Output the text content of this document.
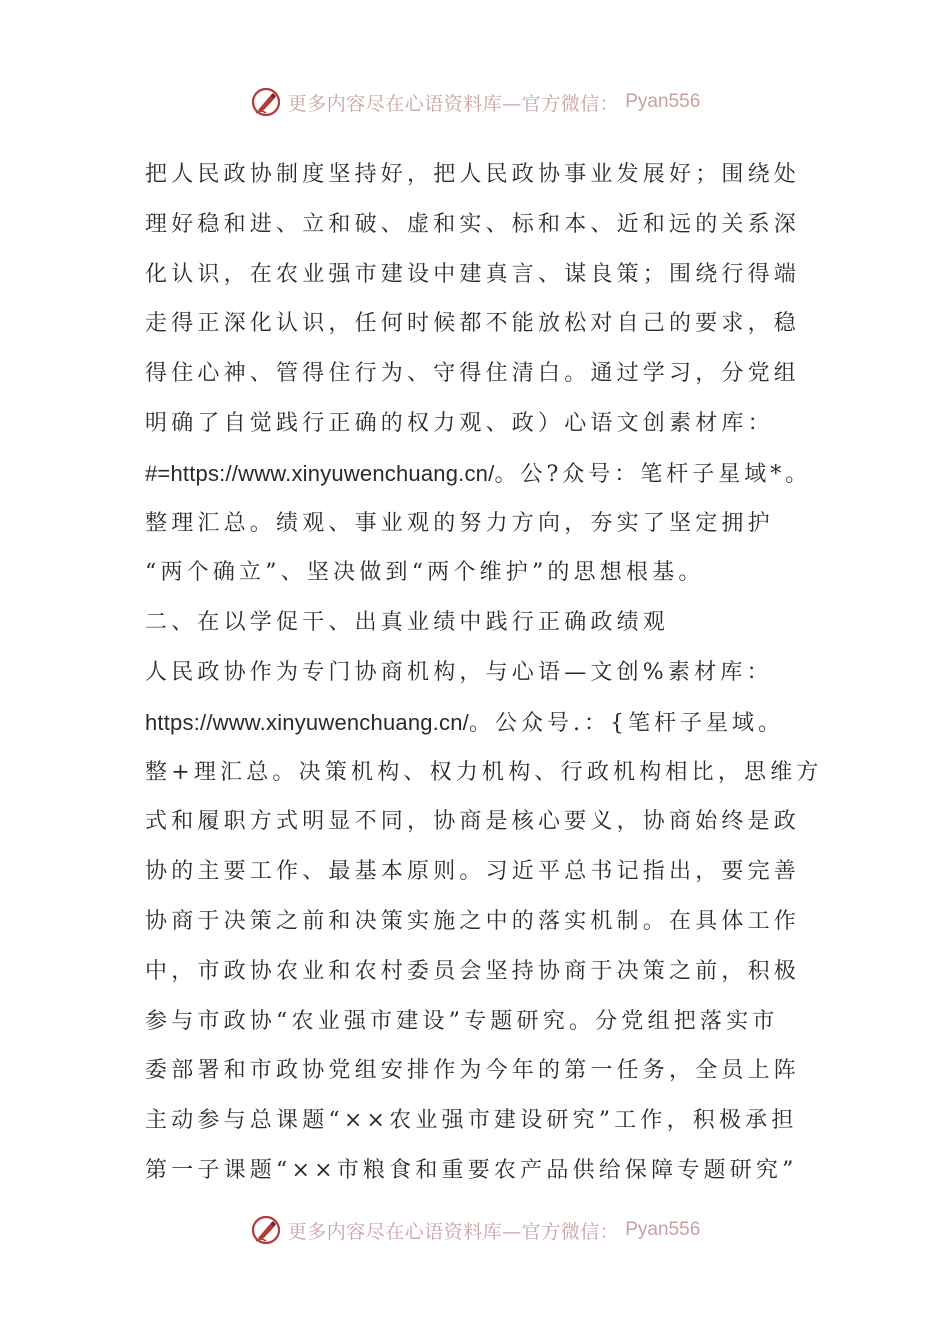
更多内容尽在心语资料库—官方微信： Pyan556
把人民政协制度坚持好，把人民政协事业发展好；围绕处
理好稳和进、立和破、虚和实、标和本、近和远的关系深
化认识，在农业强市建设中建真言、谋良策；围绕行得端
走得正深化认识，任何时候都不能放松对自己的要求，稳
得住心神、管得住行为、守得住清白。通过学习，分党组
明确了自觉践行正确的权力观、政）心语文创素材库：
#=https://www.xinyuwenchuang.cn/。公?众号：笔杆子星域*。
整理汇总。绩观、事业观的努力方向，夯实了坚定拥护
“两个确立”、坚决做到“两个维护”的思想根基。
二、在以学促干、出真业绩中践行正确政绩观
人民政协作为专门协商机构，与心语—文创%素材库：
https://www.xinyuwenchuang.cn/。公众号.：{笔杆子星域。
整+理汇总。决策机构、权力机构、行政机构相比，思维方
式和履职方式明显不同，协商是核心要义，协商始终是政
协的主要工作、最基本原则。习近平总书记指出，要完善
协商于决策之前和决策实施之中的落实机制。在具体工作
中，市政协农业和农村委员会坚持协商于决策之前，积极
参与市政协“农业强市建设”专题研究。分党组把落实市
委部署和市政协党组安排作为今年的第一任务，全员上阵
主动参与总课题“××农业强市建设研究”工作，积极承担
第一子课题“××市粮食和重要农产品供给保障专题研究”
更多内容尽在心语资料库—官方微信： Pyan556
